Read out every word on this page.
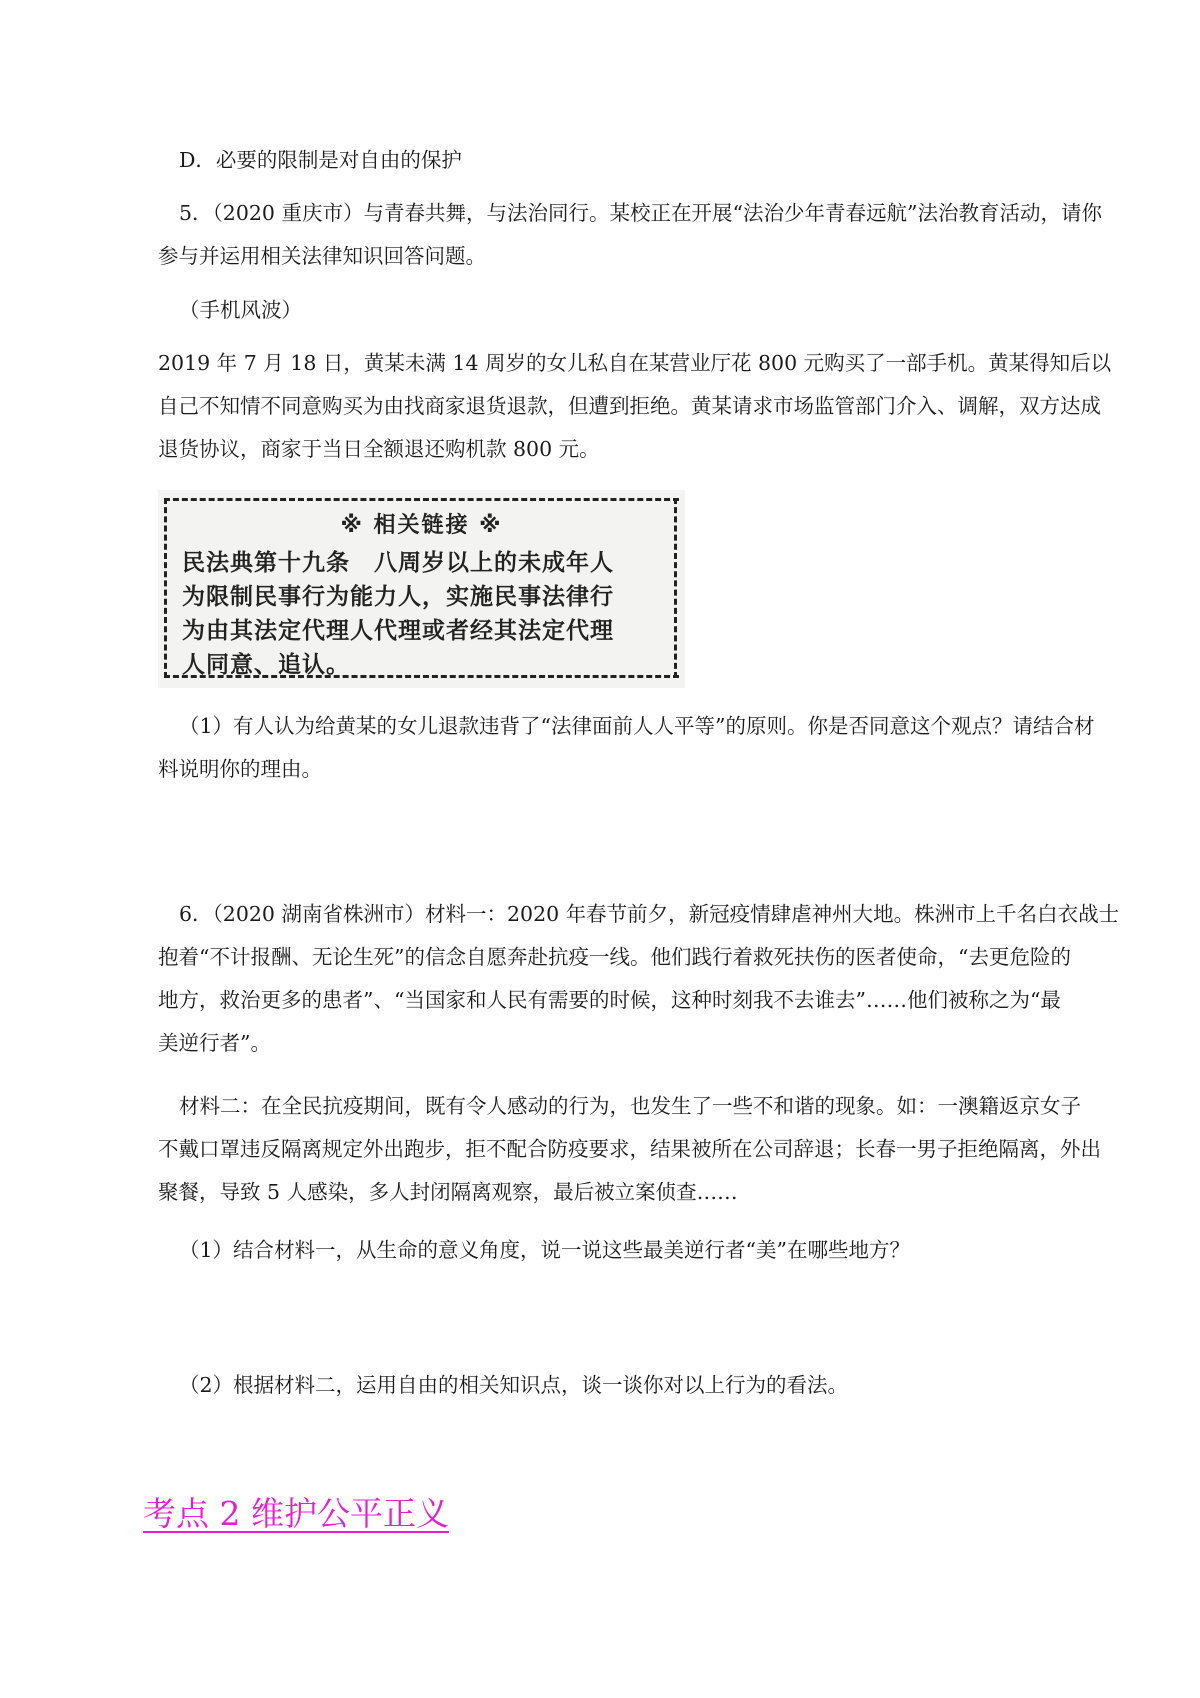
D．必要的限制是对自由的保护

5．（2020 重庆市）与青春共舞，与法治同行。某校正在开展“法治少年青春远航”法治教育活动，请你
参与并运用相关法律知识回答问题。

（手机风波）

2019 年 7 月 18 日，黄某未满 14 周岁的女儿私自在某营业厅花 800 元购买了一部手机。黄某得知后以
自己不知情不同意购买为由找商家退货退款，但遭到拒绝。黄某请求市场监管部门介入、调解，双方达成
退货协议，商家于当日全额退还购机款 800 元。

※ 相关链接 ※
民法典第十九条　八周岁以上的未成年人
为限制民事行为能力人，实施民事法律行
为由其法定代理人代理或者经其法定代理
人同意、追认。

（1）有人认为给黄某的女儿退款违背了“法律面前人人平等”的原则。你是否同意这个观点？请结合材
料说明你的理由。

6．（2020 湖南省株洲市）材料一：2020 年春节前夕，新冠疫情肆虐神州大地。株洲市上千名白衣战士
抱着“不计报酬、无论生死”的信念自愿奔赴抗疫一线。他们践行着救死扶伤的医者使命，“去更危险的
地方，救治更多的患者”、“当国家和人民有需要的时候，这种时刻我不去谁去”……他们被称之为“最
美逆行者”。

材料二：在全民抗疫期间，既有令人感动的行为，也发生了一些不和谐的现象。如：一澳籍返京女子
不戴口罩违反隔离规定外出跑步，拒不配合防疫要求，结果被所在公司辞退；长春一男子拒绝隔离，外出
聚餐，导致 5 人感染，多人封闭隔离观察，最后被立案侦查……

（1）结合材料一，从生命的意义角度，说一说这些最美逆行者“美”在哪些地方？

（2）根据材料二，运用自由的相关知识点，谈一谈你对以上行为的看法。

考点 2 维护公平正义
